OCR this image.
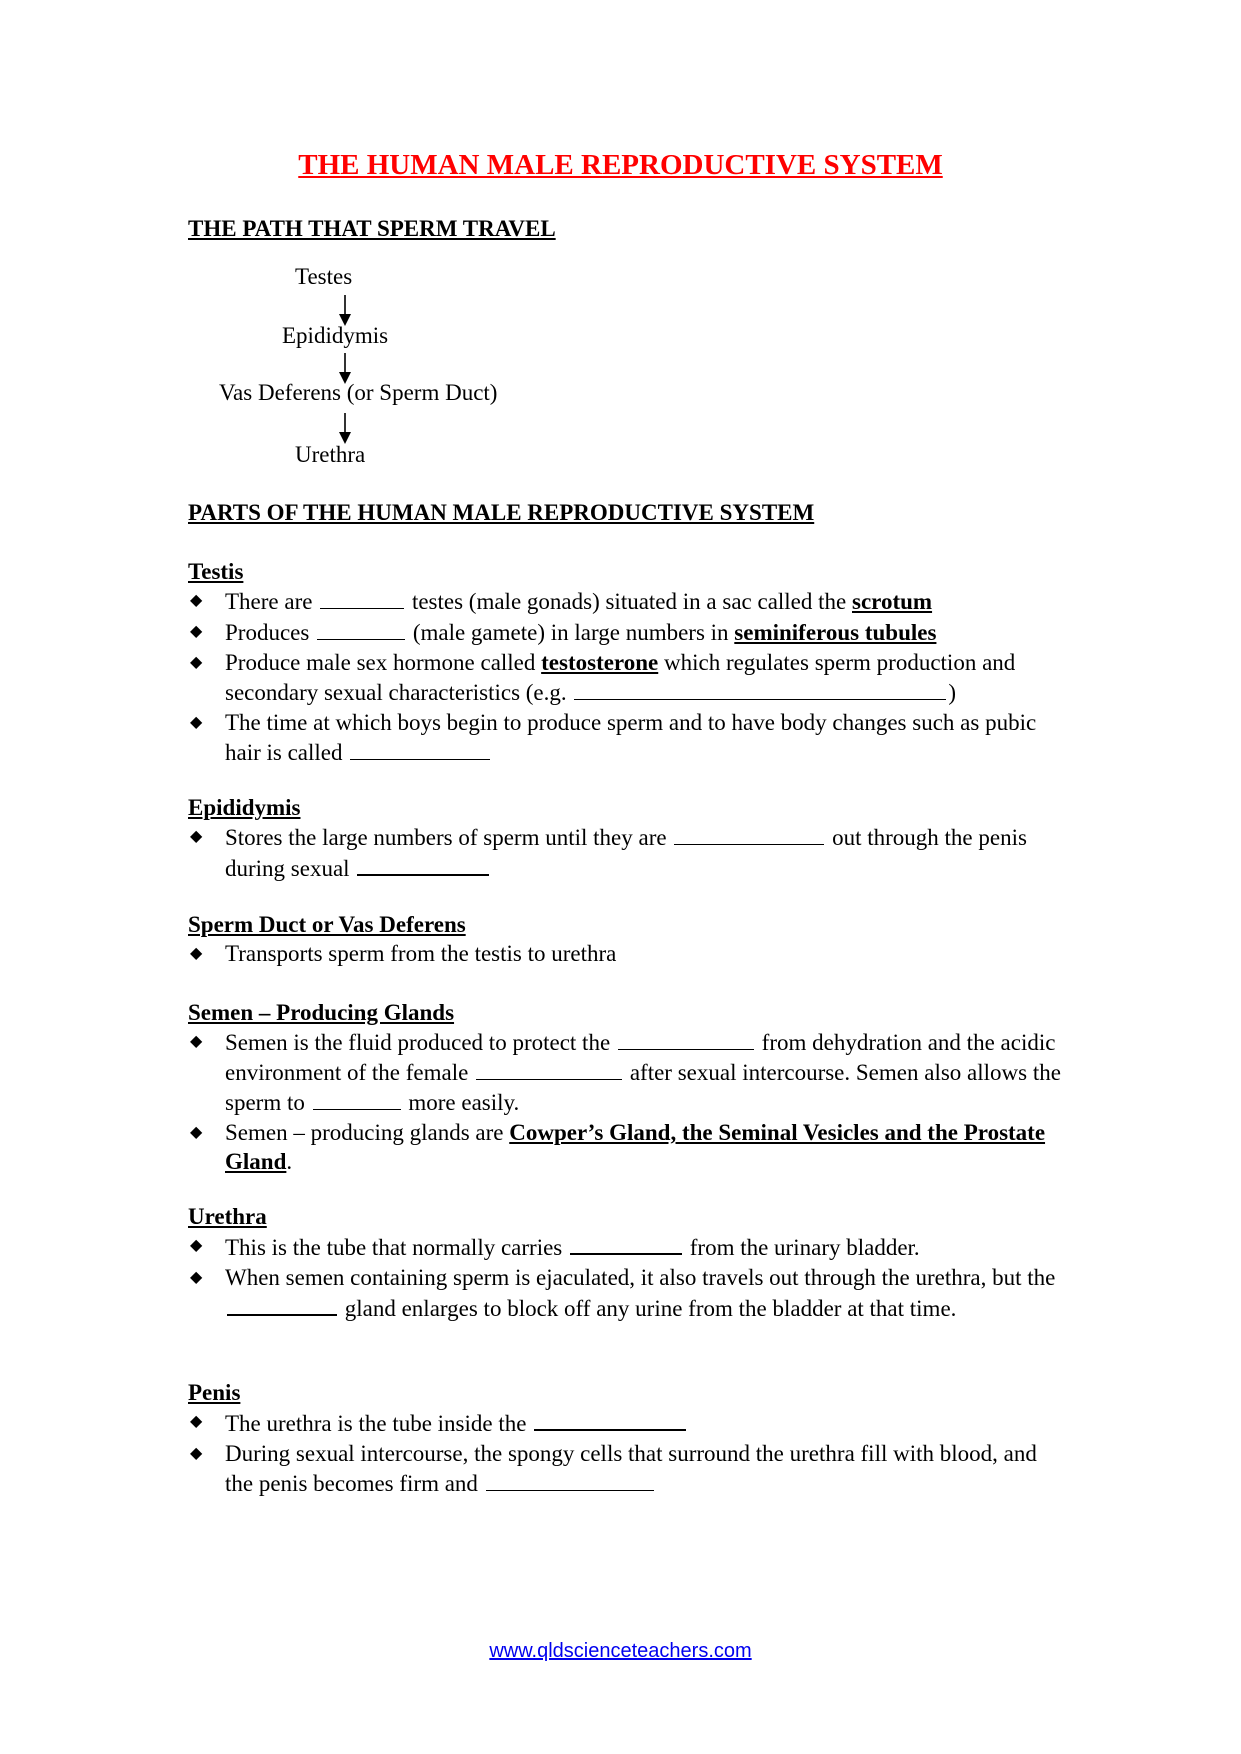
THE HUMAN MALE REPRODUCTIVE SYSTEM
THE PATH THAT SPERM TRAVEL

Testes

Epididymis

Vas Deferens (or Sperm Duct)

Urethra

PARTS OF THE HUMAN MALE REPRODUCTIVE SYSTEM

Testis

◆ There are	testes (male gonads) situated in a sac called the scrotum
◆ Produces	(male gamete) in large numbers in seminiferous tubules
◆ Produce male sex hormone called testosterone which regulates sperm production and secondary sexual characteristics (e.g.	)
◆ The time at which boys begin to produce sperm and to have body changes such as pubic hair is called

Epididymis

◆ Stores the large numbers of sperm until they are	out through the penis during sexual

Sperm Duct or Vas Deferens

◆ Transports sperm from the testis to urethra

Semen – Producing Glands

◆ Semen is the fluid produced to protect the	from dehydration and the acidic environment of the female	after sexual intercourse. Semen also allows the sperm to	more easily.
◆ Semen – producing glands are Cowper’s Gland, the Seminal Vesicles and the Prostate Gland.

Urethra

◆ This is the tube that normally carries	from the urinary bladder.
◆ When semen containing sperm is ejaculated, it also travels out through the urethra, but the  gland enlarges to block off any urine from the bladder at that time.

Penis

◆ The urethra is the tube inside the
◆ During sexual intercourse, the spongy cells that surround the urethra fill with blood, and the penis becomes firm and
www.qldscienceteachers.com
